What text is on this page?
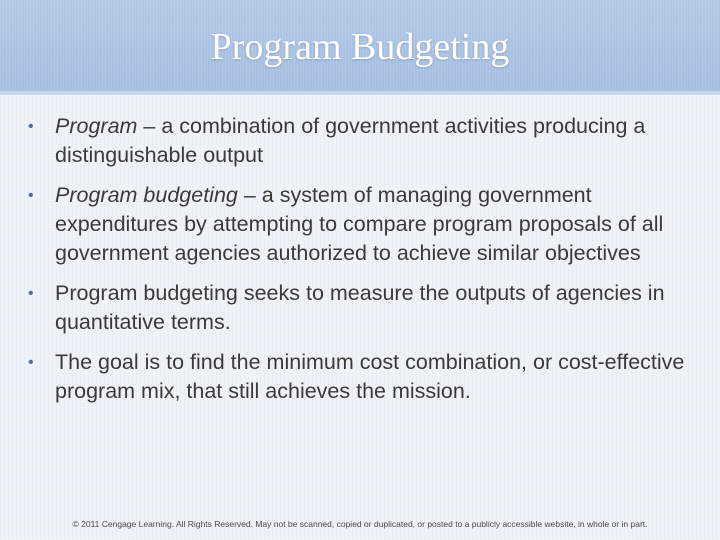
Program Budgeting
• Program – a combination of government activities producing a distinguishable output
• Program budgeting – a system of managing government expenditures by attempting to compare program proposals of all government agencies authorized to achieve similar objectives
• Program budgeting seeks to measure the outputs of agencies in quantitative terms.
• The goal is to find the minimum cost combination, or cost-effective program mix, that still achieves the mission.
© 2011 Cengage Learning. All Rights Reserved. May not be scanned, copied or duplicated, or posted to a publicly accessible website, in whole or in part.
